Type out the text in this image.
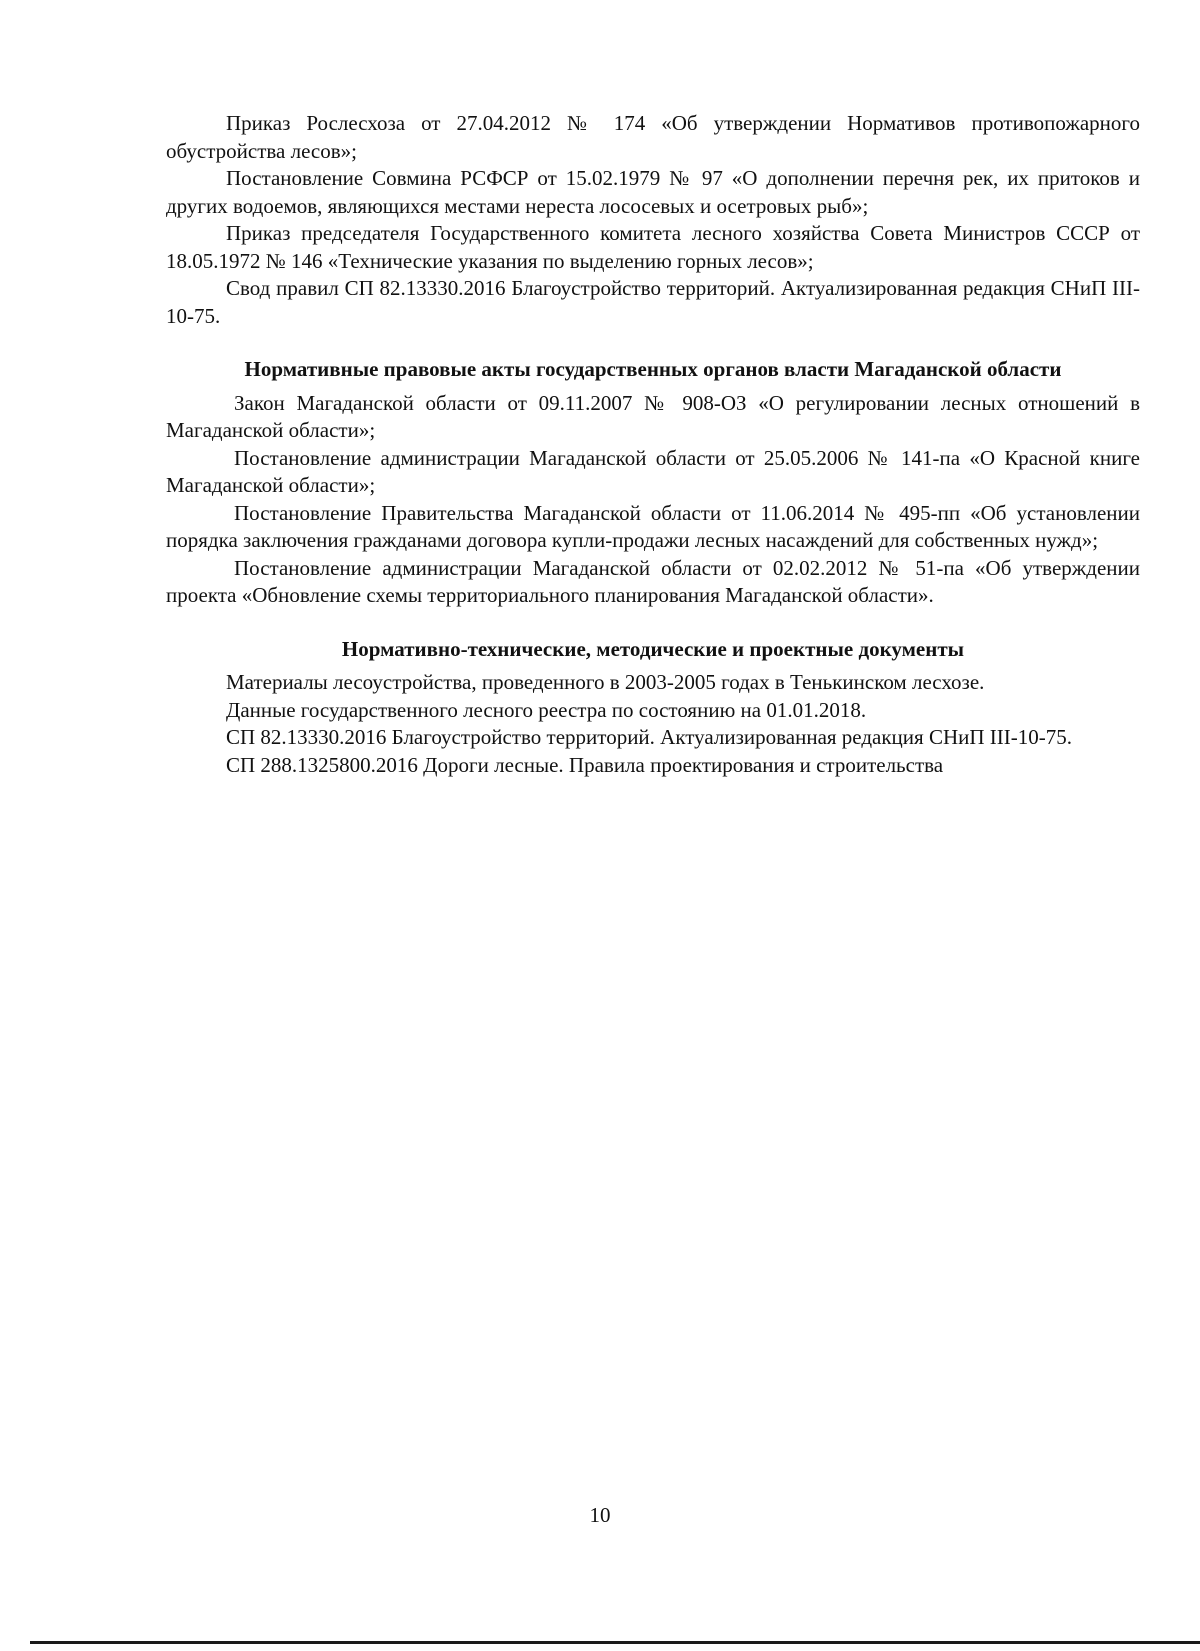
Приказ Рослесхоза от 27.04.2012 № 174 «Об утверждении Нормативов противопожарного обустройства лесов»;

Постановление Совмина РСФСР от 15.02.1979 № 97 «О дополнении перечня рек, их притоков и других водоемов, являющихся местами нереста лососевых и осетровых рыб»;

Приказ председателя Государственного комитета лесного хозяйства Совета Министров СССР от 18.05.1972 № 146 «Технические указания по выделению горных лесов»;

Свод правил СП 82.13330.2016 Благоустройство территорий. Актуализированная редакция СНиП III-10-75.

Нормативные правовые акты государственных органов власти Магаданской области

Закон Магаданской области от 09.11.2007 № 908-ОЗ «О регулировании лесных отношений в Магаданской области»;

Постановление администрации Магаданской области от 25.05.2006 № 141-па «О Красной книге Магаданской области»;

Постановление Правительства Магаданской области от 11.06.2014 № 495-пп «Об установлении порядка заключения гражданами договора купли-продажи лесных насаждений для собственных нужд»;

Постановление администрации Магаданской области от 02.02.2012 № 51-па «Об утверждении проекта «Обновление схемы территориального планирования Магаданской области».

Нормативно-технические, методические и проектные документы

Материалы лесоустройства, проведенного в 2003-2005 годах в Тенькинском лесхозе.

Данные государственного лесного реестра по состоянию на 01.01.2018.

СП 82.13330.2016 Благоустройство территорий. Актуализированная редакция СНиП III-10-75.

СП 288.1325800.2016 Дороги лесные. Правила проектирования и строительства

10
